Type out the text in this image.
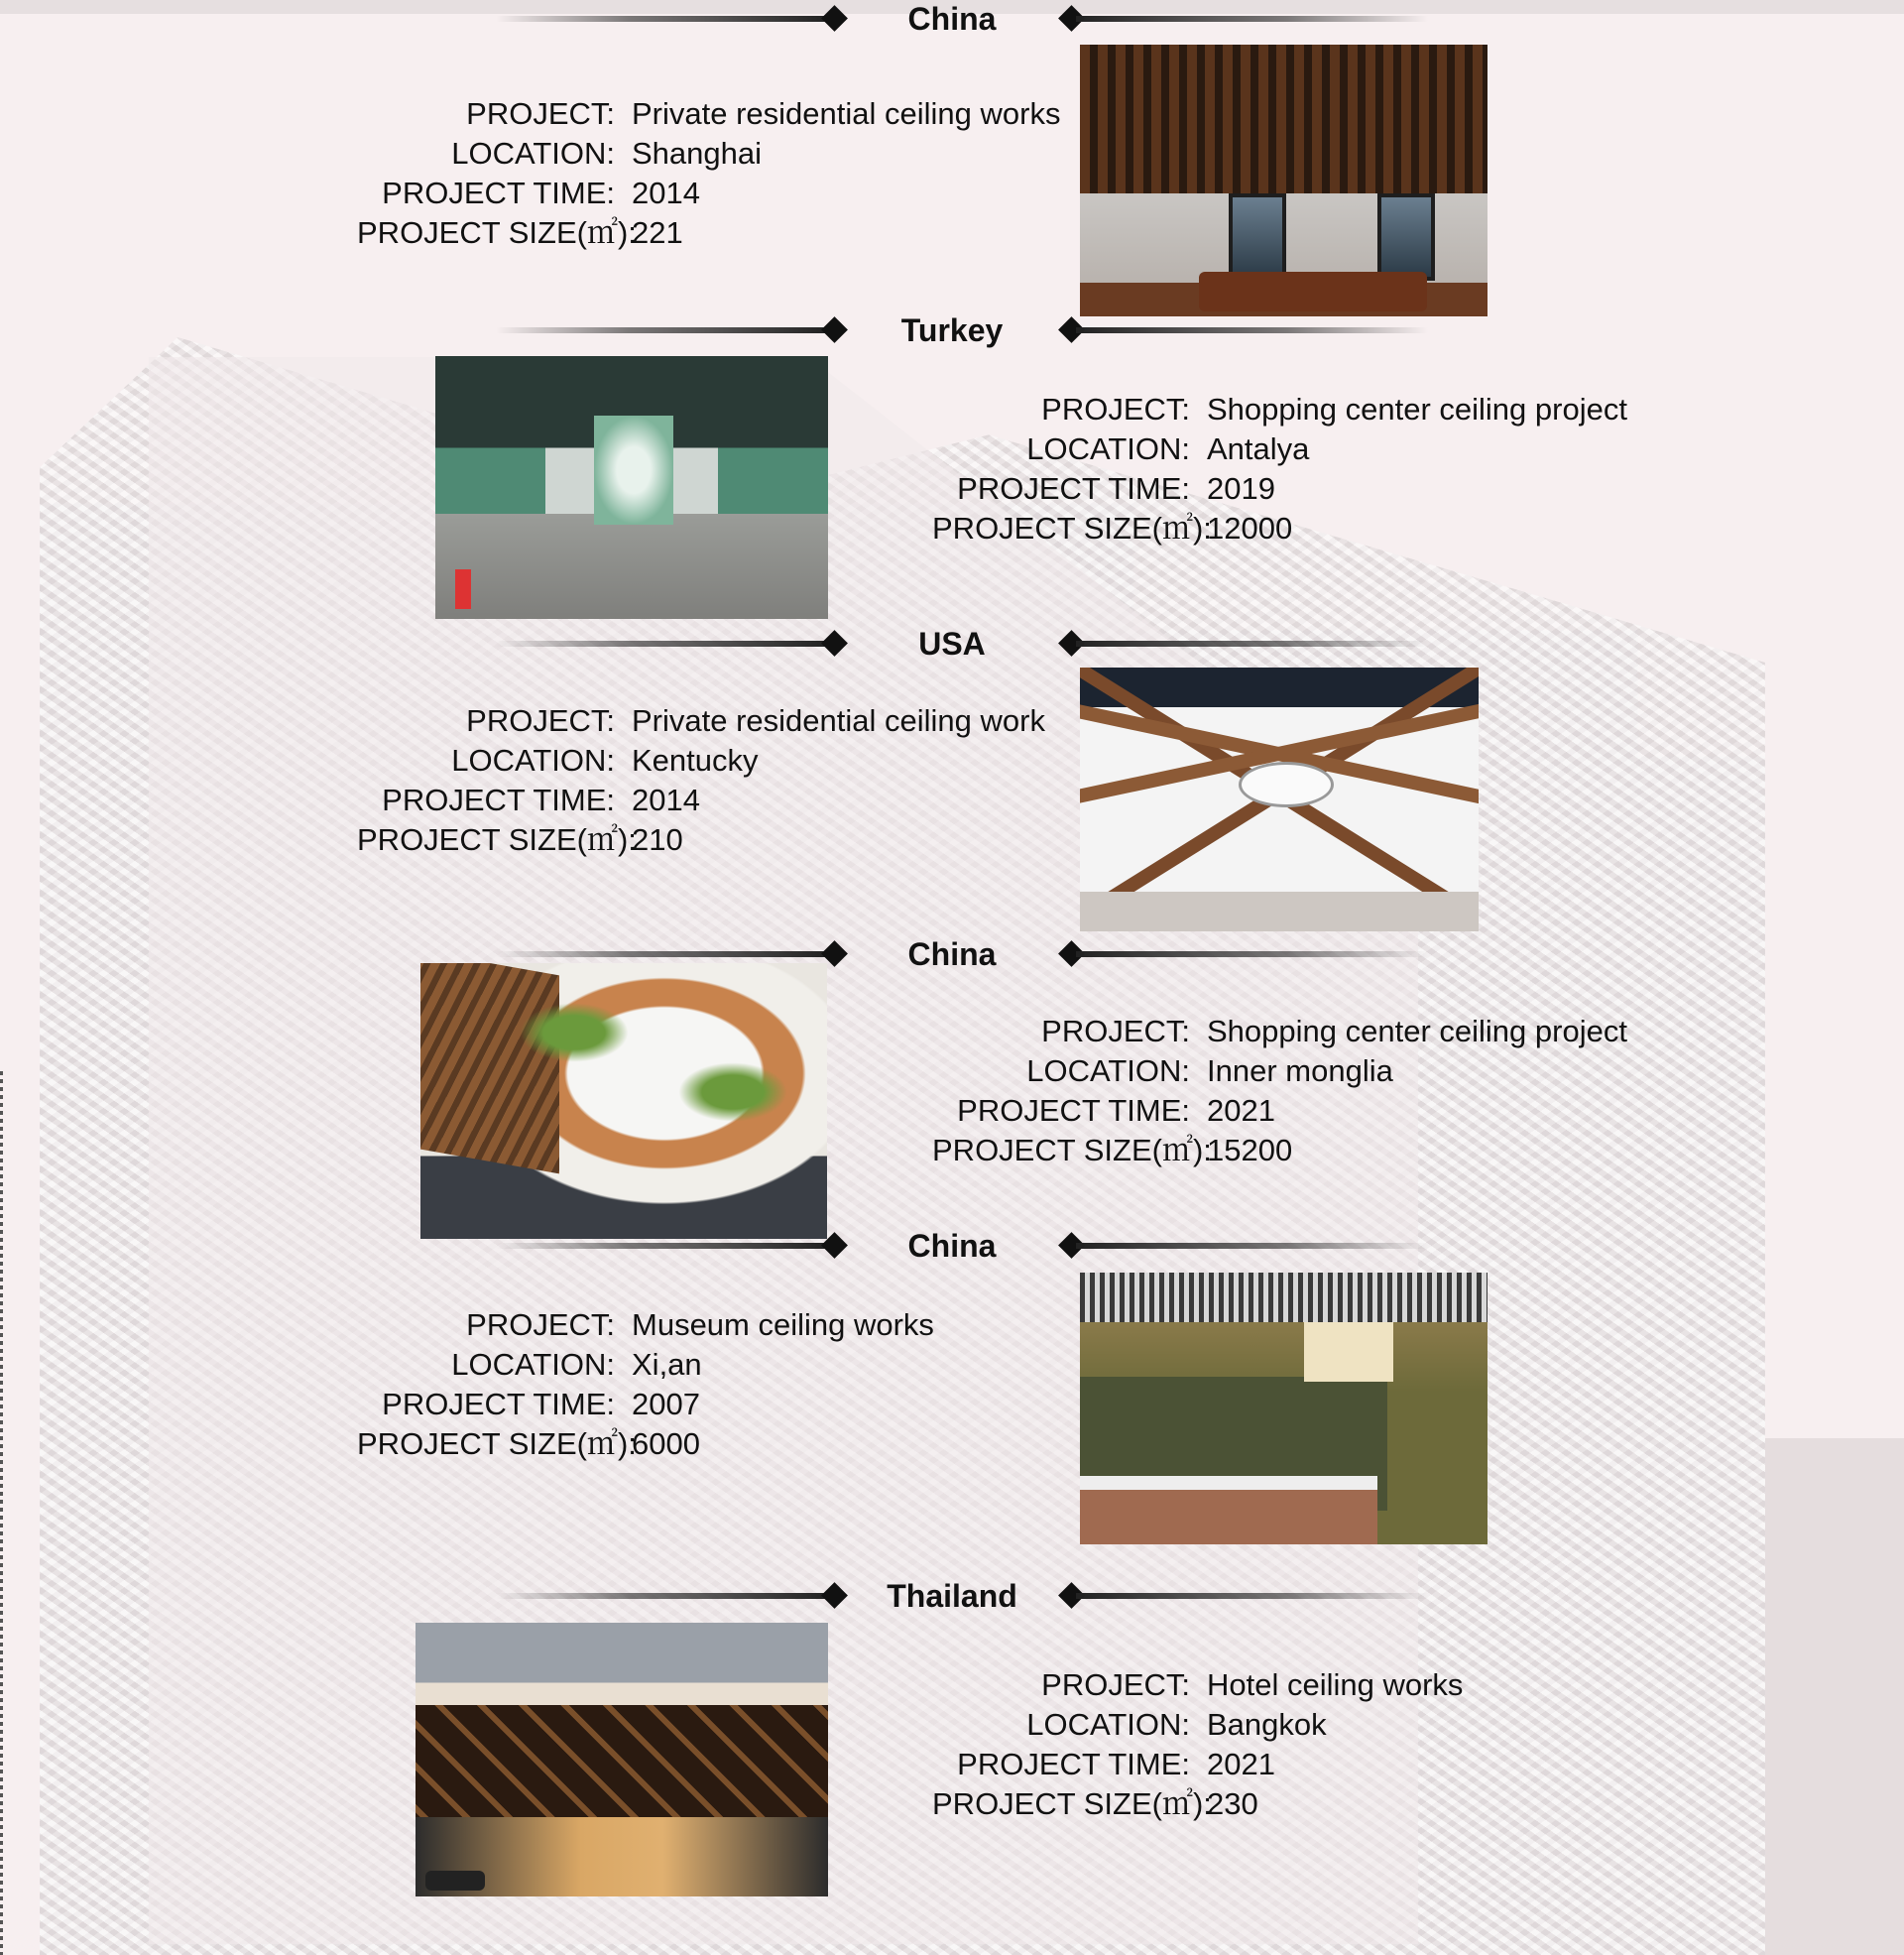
China
PROJECT: Private residential ceiling works
LOCATION: Shanghai
PROJECT TIME: 2014
PROJECT SIZE(㎡):
221
Turkey
PROJECT: Shopping center ceiling project
LOCATION: Antalya
PROJECT TIME: 2019
PROJECT SIZE(㎡):
12000
USA
PROJECT: Private residential ceiling work
LOCATION: Kentucky
PROJECT TIME: 2014
PROJECT SIZE(㎡):
210
China
PROJECT: Shopping center ceiling project
LOCATION: Inner monglia
PROJECT TIME: 2021
PROJECT SIZE(㎡):
15200
China
PROJECT: Museum ceiling works
LOCATION: Xi,an
PROJECT TIME: 2007
PROJECT SIZE(㎡):
6000
Thailand
PROJECT: Hotel ceiling works
LOCATION: Bangkok
PROJECT TIME: 2021
PROJECT SIZE(㎡):
230
